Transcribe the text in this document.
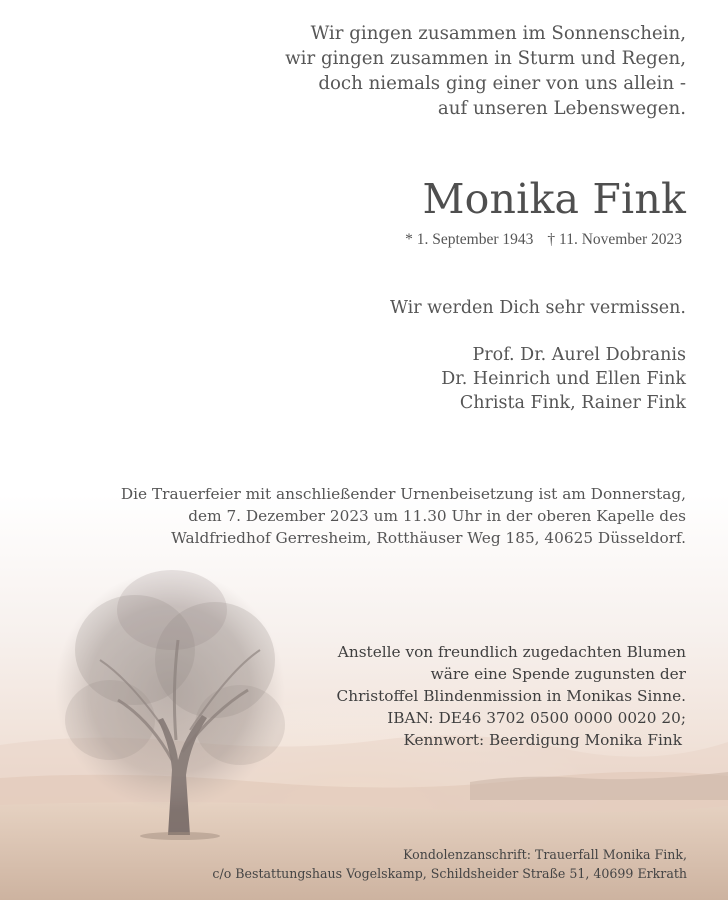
Wir gingen zusammen im Sonnenschein,
wir gingen zusammen in Sturm und Regen,
doch niemals ging einer von uns allein -
auf unseren Lebenswegen.
Monika Fink
* 1. September 1943 † 11. November 2023
Wir werden Dich sehr vermissen.
Prof. Dr. Aurel Dobranis
Dr. Heinrich und Ellen Fink
Christa Fink, Rainer Fink
Die Trauerfeier mit anschließender Urnenbeisetzung ist am Donnerstag,
dem 7. Dezember 2023 um 11.30 Uhr in der oberen Kapelle des
Waldfriedhof Gerresheim, Rotthäuser Weg 185, 40625 Düsseldorf.
Anstelle von freundlich zugedachten Blumen
wäre eine Spende zugunsten der
Christoffel Blindenmission in Monikas Sinne.
IBAN: DE46 3702 0500 0000 0020 20;
Kennwort: Beerdigung Monika Fink
Kondolenzanschrift: Trauerfall Monika Fink,
c/o Bestattungshaus Vogelskamp, Schildsheider Straße 51, 40699 Erkrath
